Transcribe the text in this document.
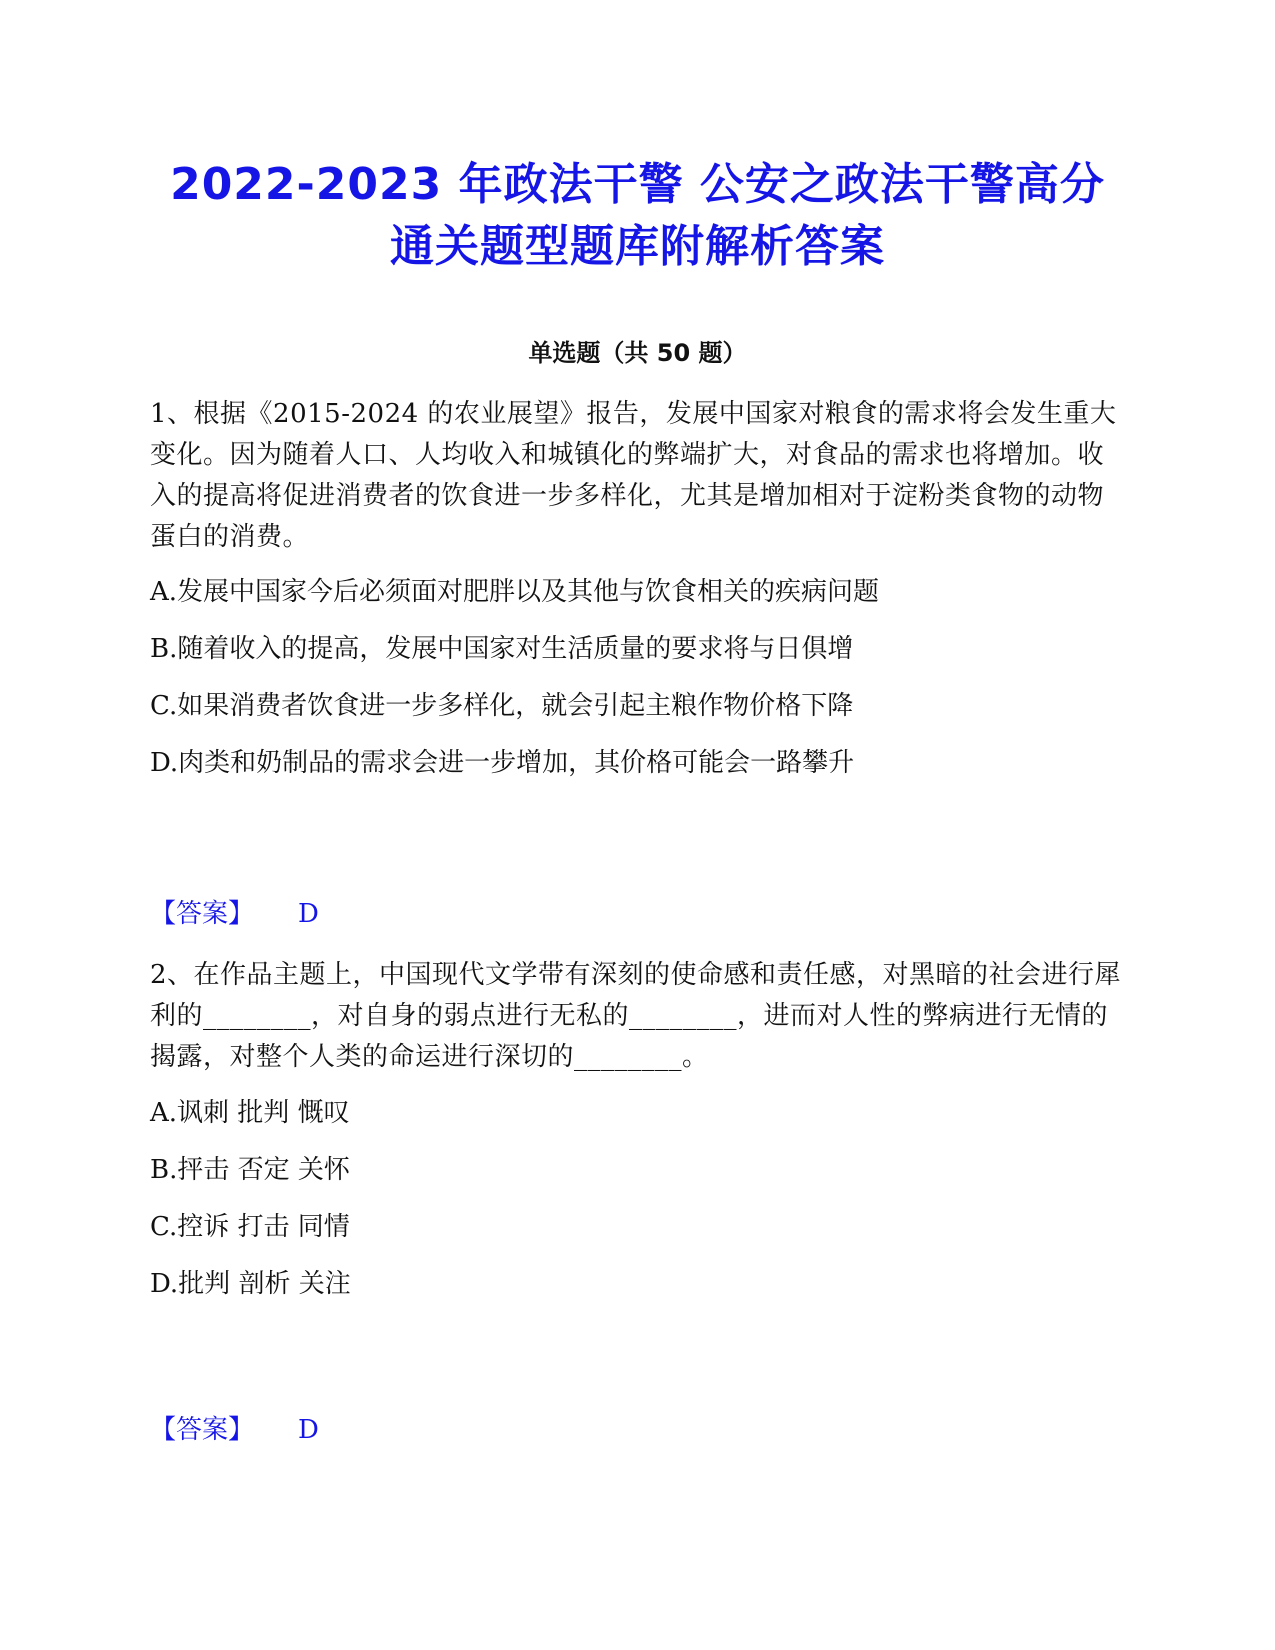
2022-2023 年政法干警 公安之政法干警高分
通关题型题库附解析答案
单选题（共 50 题）
1、根据《2015-2024 的农业展望》报告，发展中国家对粮食的需求将会发生重大变化。因为随着人口、人均收入和城镇化的弊端扩大，对食品的需求也将增加。收入的提高将促进消费者的饮食进一步多样化，尤其是增加相对于淀粉类食物的动物蛋白的消费。
A.发展中国家今后必须面对肥胖以及其他与饮食相关的疾病问题
B.随着收入的提高，发展中国家对生活质量的要求将与日俱增
C.如果消费者饮食进一步多样化，就会引起主粮作物价格下降
D.肉类和奶制品的需求会进一步增加，其价格可能会一路攀升
【答案】 D
2、在作品主题上，中国现代文学带有深刻的使命感和责任感，对黑暗的社会进行犀利的________，对自身的弱点进行无私的________，进而对人性的弊病进行无情的揭露，对整个人类的命运进行深切的________。
A.讽刺 批判 慨叹
B.抨击 否定 关怀
C.控诉 打击 同情
D.批判 剖析 关注
【答案】 D
